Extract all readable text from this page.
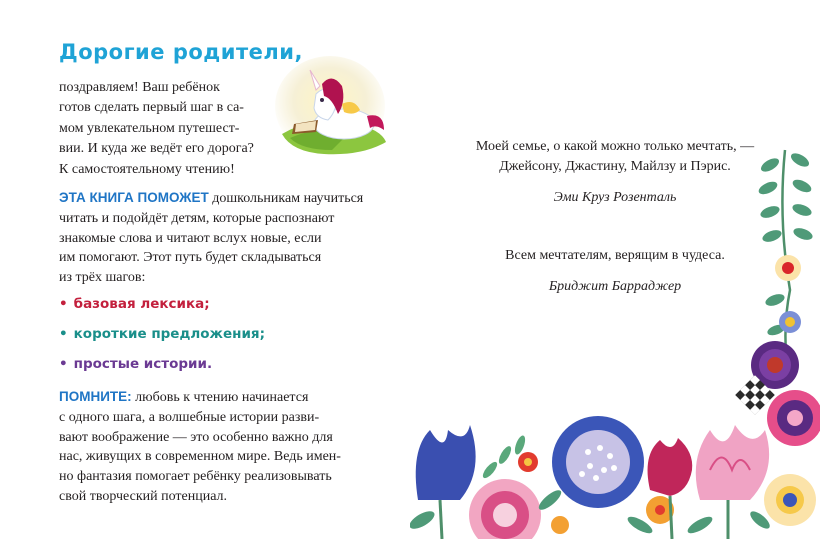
Дорогие родители,
поздравляем! Ваш ребёнок
готов сделать первый шаг в са-
мом увлекательном путешест-
вии. И куда же ведёт его дорога?
К самостоятельному чтению!
ЭТА КНИГА ПОМОЖЕТ дошкольникам научиться
читать и подойдёт детям, которые распознают
знакомые слова и читают вслух новые, если
им помогают. Этот путь будет складываться
из трёх шагов:
• базовая лексика;
• короткие предложения;
• простые истории.
ПОМНИТЕ: любовь к чтению начинается
с одного шага, а волшебные истории разви-
вают воображение — это особенно важно для
нас, живущих в современном мире. Ведь имен-
но фантазия помогает ребёнку реализовывать
свой творческий потенциал.
Моей семье, о какой можно только мечтать, —
Джейсону, Джастину, Майлзу и Пэрис.
Эми Круз Розенталь
Всем мечтателям, верящим в чудеса.
Бриджит Барраджер
